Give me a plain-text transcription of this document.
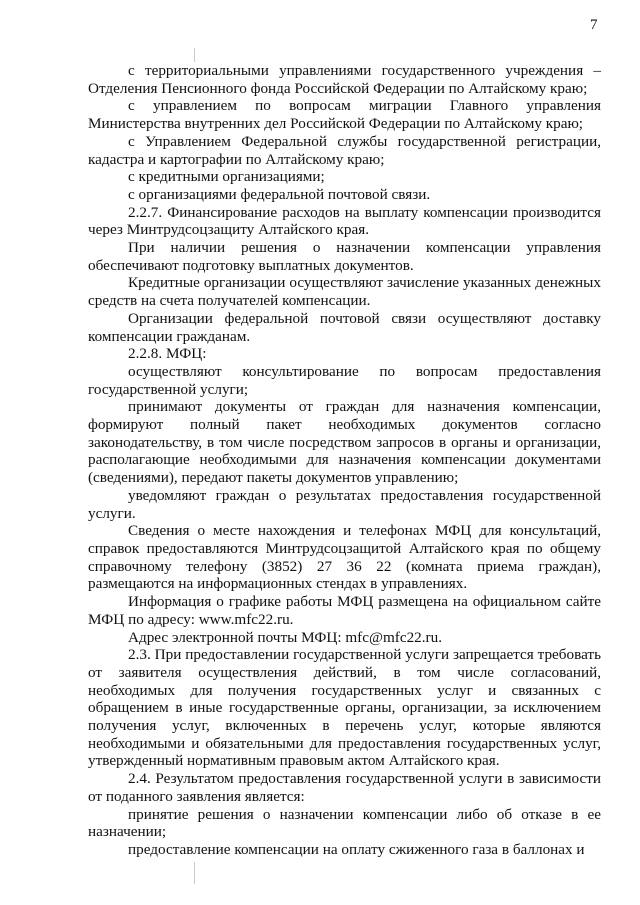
7

с территориальными управлениями государственного учреждения – Отделения Пенсионного фонда Российской Федерации по Алтайскому краю;

с управлением по вопросам миграции Главного управления Министерства внутренних дел Российской Федерации по Алтайскому краю;

с Управлением Федеральной службы государственной регистрации, кадастра и картографии по Алтайскому краю;

с кредитными организациями;

с организациями федеральной почтовой связи.

2.2.7. Финансирование расходов на выплату компенсации производится через Минтрудсоцзащиту Алтайского края.

При наличии решения о назначении компенсации управления обеспечивают подготовку выплатных документов.

Кредитные организации осуществляют зачисление указанных денежных средств на счета получателей компенсации.

Организации федеральной почтовой связи осуществляют доставку компенсации гражданам.

2.2.8. МФЦ:

осуществляют консультирование по вопросам предоставления государственной услуги;

принимают документы от граждан для назначения компенсации, формируют полный пакет необходимых документов согласно законодательству, в том числе посредством запросов в органы и организации, располагающие необходимыми для назначения компенсации документами (сведениями), передают пакеты документов управлению;

уведомляют граждан о результатах предоставления государственной услуги.

Сведения о месте нахождения и телефонах МФЦ для консультаций, справок предоставляются Минтрудсоцзащитой Алтайского края по общему справочному телефону (3852) 27 36 22 (комната приема граждан), размещаются на информационных стендах в управлениях.

Информация о графике работы МФЦ размещена на официальном сайте МФЦ по адресу: www.mfc22.ru.

Адрес электронной почты МФЦ: mfc@mfc22.ru.

2.3. При предоставлении государственной услуги запрещается требовать от заявителя осуществления действий, в том числе согласований, необходимых для получения государственных услуг и связанных с обращением в иные государственные органы, организации, за исключением получения услуг, включенных в перечень услуг, которые являются необходимыми и обязательными для предоставления государственных услуг, утвержденный нормативным правовым актом Алтайского края.

2.4. Результатом предоставления государственной услуги в зависимости от поданного заявления является:

принятие решения о назначении компенсации либо об отказе в ее назначении;

предоставление компенсации на оплату сжиженного газа в баллонах и
